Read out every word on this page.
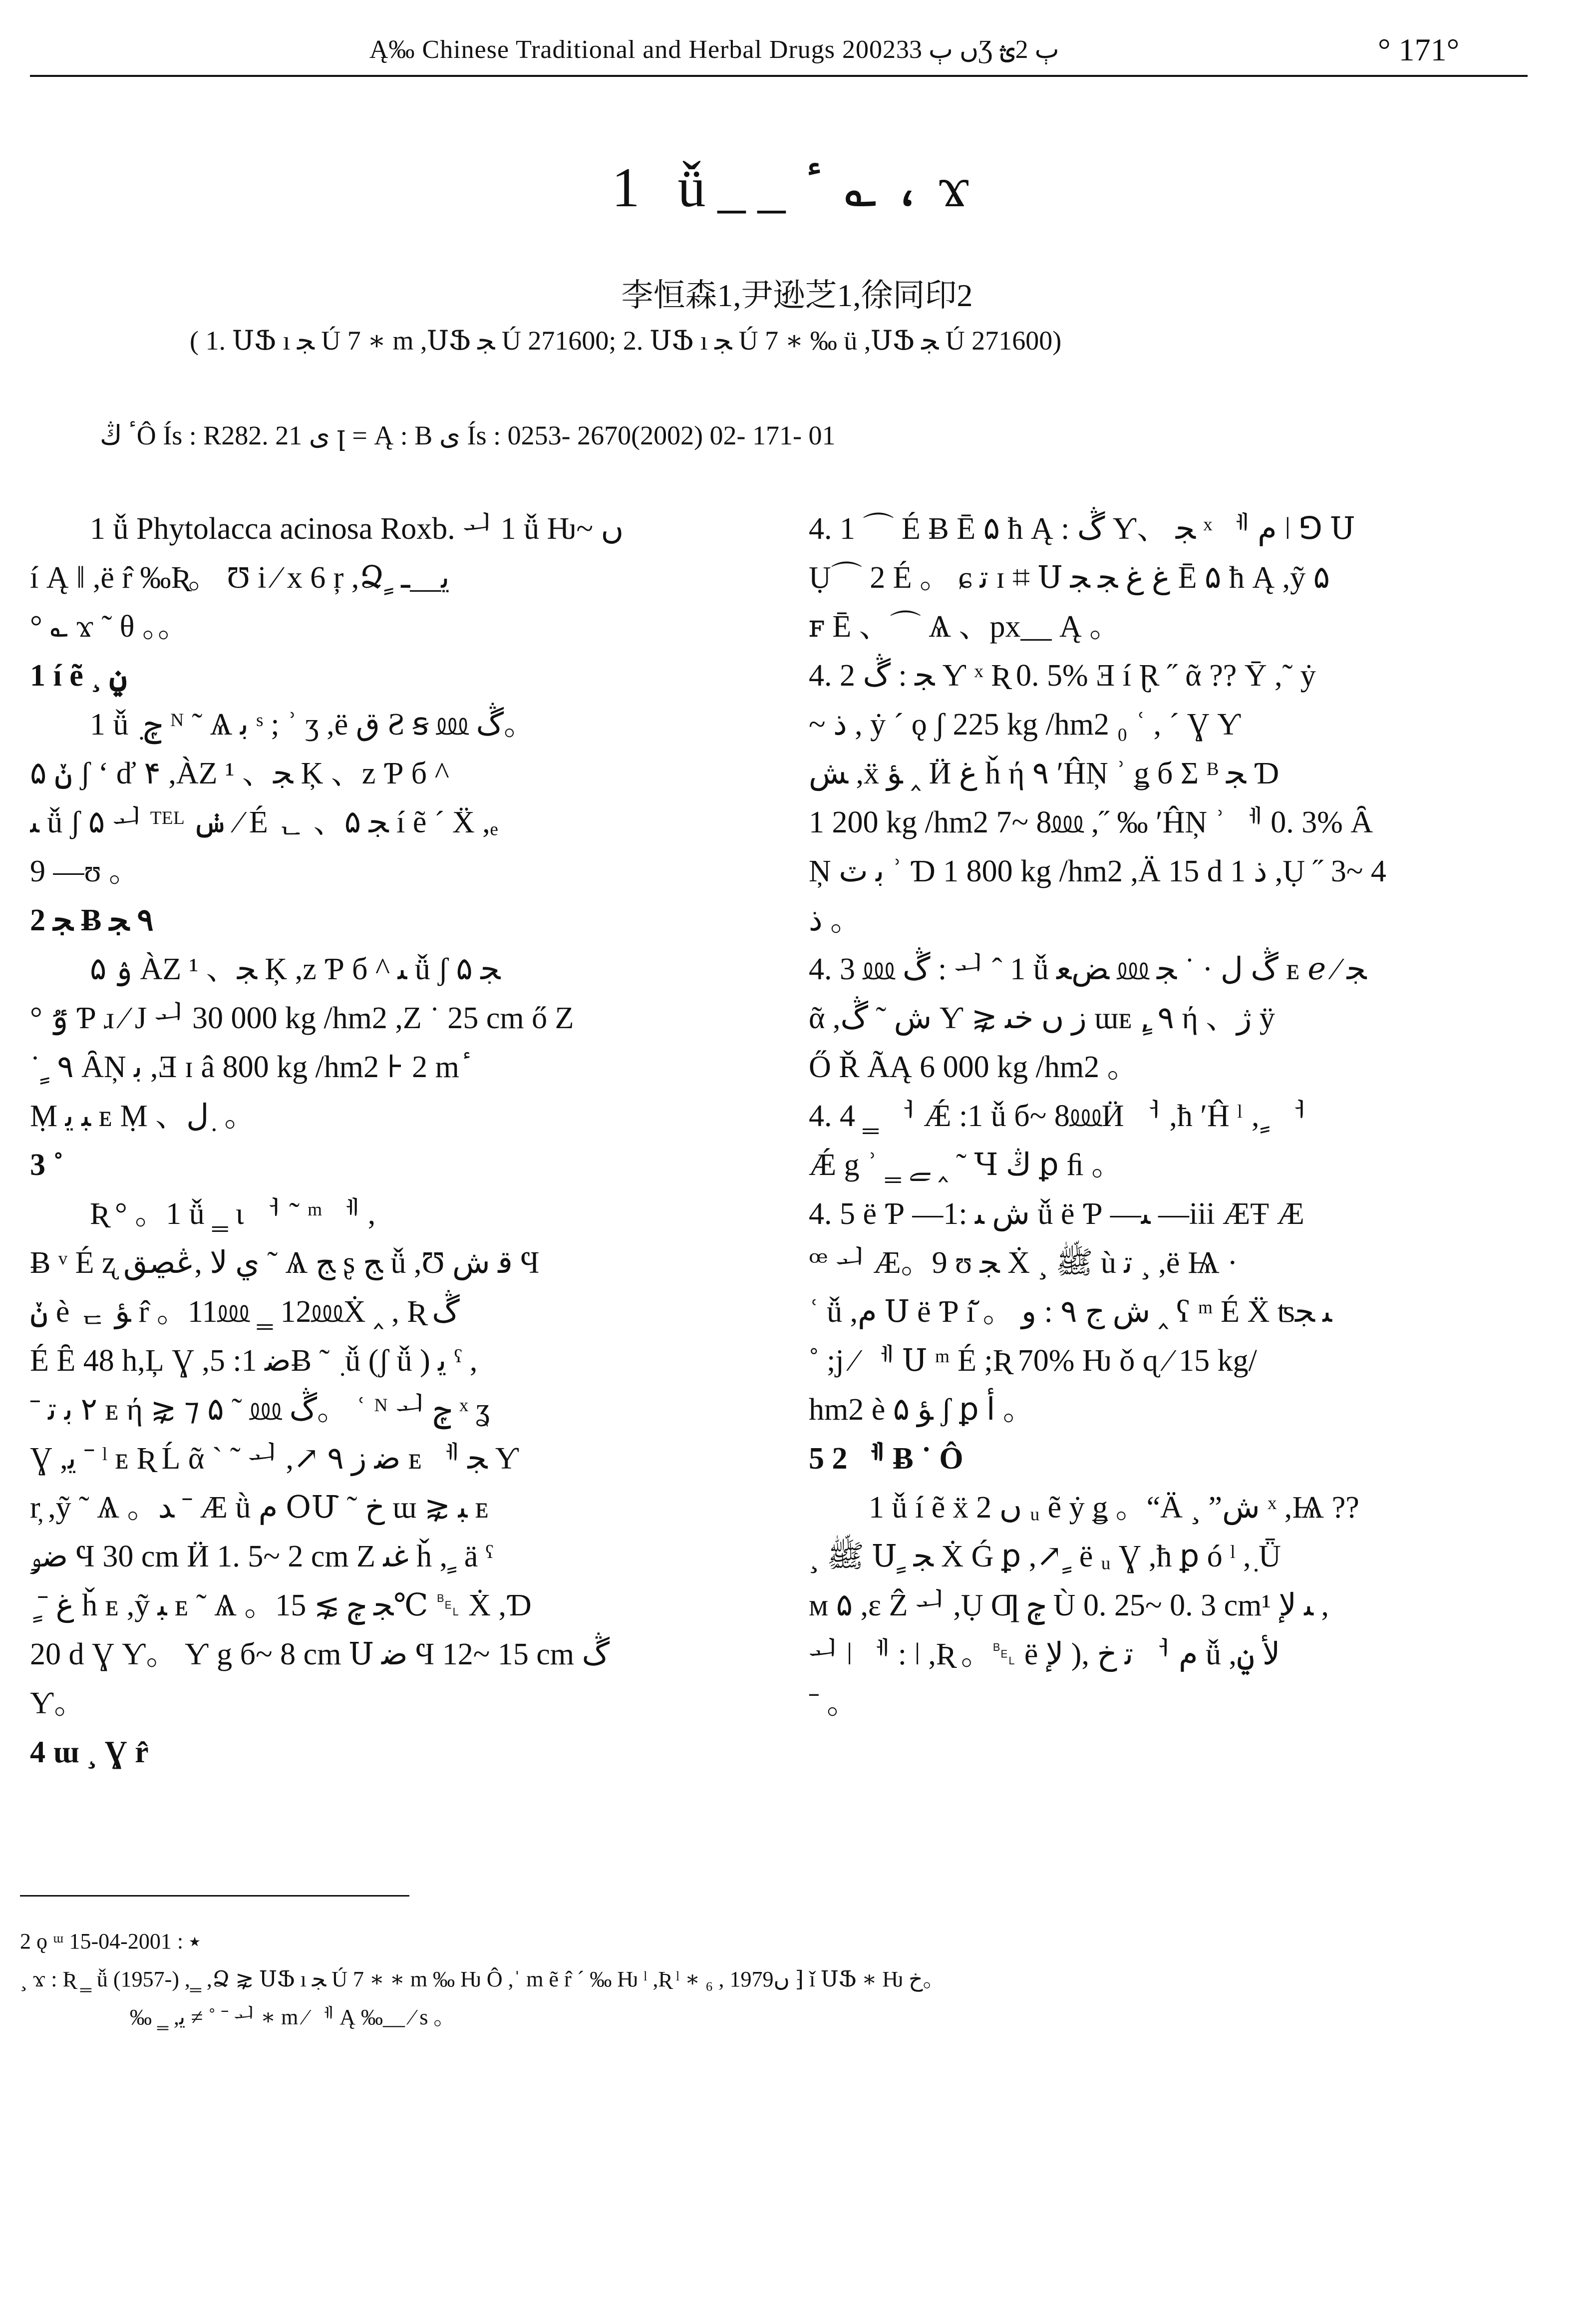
Ą‰ Chinese Traditional and Herbal Drugs 2002ں ٻ 33Ʒ ٻ 2ؿ	° 171°
1 ǚ__ ٔ ؎ ، ϫ
李恒森1,尹逊芝1,徐同印2
( 1. ՍՖ ı ﺠ Ú 7 ∗ m ,ՍՖ ﺠ Ú 271600; 2. ՍՖ ı ﺠ Ú 7 ∗ ‰ ü ,ՍՖ ﺠ Ú 271600)
ٴ ڭÔ Ís : R282. 21 ى ꞁ = Ą : B ى Ís : 0253- 2670(2002) 02- 171- 01

1 ǚ Phytolacca acinosa Roxb. ᅬ 1 ǚ Ƕ~ ں

í Ą ǁ ,ë r̂ ‰Ʀ。 Ʊ i ⁄ x 6 ŗ ,Ձ ٍ ﻳ__ـ

° ؎ ϫ ˜ θ 。。

1 í ẽ ¸ ݧ

1 ǚ ٜ ݼ ᴺ ˜ Ѧ ﺑ ˢ ; ʾ ʒ ,ë ق Ƨ ꞩ ⅏ ڴ。

ݩ ۵ ʃ ʻ ď ۴ ,ÀZ ¹ 、ﺠ Ķ 、z Ƥ б ^

ﯩ ǚ ʃ ۵ ᅬ ᵀᴱᴸ ݭ ⁄ É ᆫ 、۵ ﺠ í ẽ ´ Ẍ ,ₑ

9 —ʊ 。

2 ﺠ Ƀ ٩ ﺠ

۵ ۉ ÀZ ¹ 、ﺠ Ķ ,z Ƥ б ^ ﯩ ǚ ʃ ۵ ﺠ

° ٷ Ƥ ɹ ⁄ J ᅬ 30 000 kg /hm2 ,Z ˙ 25 cm ő Z

˙ ٍ ٩ ȂŅ ﺑ ,Ǝ ɪ â 800 kg /hm2 ⊦ 2 m ٔ

Ṃ ﺒ ﯾ ᴇ Ṃ 、ل ٜ 。

3 ˚

Ʀ ° 。1 ǚ ‗ ɩ ᅥ ˜ ᵐ ᅦ ,

Ƀ ᵛ É ʐ ﻱ ﻻ ,ڠڝق ˜ Ѧ ﺞ ʂ ﺞ ǚ ,Ʊ ﻗ ش Ϥ

ݩ è ᆮ ﺆ r̂ 。11⅏ ‗ 12⅏Ẋ ‸ , Ʀ ڴ

É Ȇ 48 h,Ļ Ɣ ,ﺿ 1: 5Ƀ ˜ ٜ ǚ (ʃ ǚ ) ﻳ ˤ ,

ˉ ٢ ﺑ ﺗ ᴇ ή ⋧ ⁊ ۵ ˜ ⅏ ڴ。 ʿ ᴺ ᅬ ݼ ˣ ʓ

Ɣ ,ﻳ ˉ ˡ ᴇ Ʀ Ĺ ᾶ ˋ ˜ ᅬ ,↗ ﺿ ﺯ ٩ ᴇ ᅦ ﺠ Ƴ

r̦ ,ỹ ˜ Ѧ 。ﺪ ˉ Æ ǜ ﻡ ՕՄ ˜ ﺥ ɯ ⋧ ﺒ ᴇ

ﺿﯡ Ϥ 30 cm Ӥ 1. 5~ 2 cm Z ﻏﯩ ȟ , ٍ ä ˤ

ٍ ˉ ﻍ ȟ ᴇ ,ỹ ﺒ ᴇ ˜ Ѧ 。ﺠ ݼ ⋧ 15℃ ␇ Ẋ ,Ɗ

20 d Ɣ Ƴ。 Ƴ g б~ 8 cm Ս ﺿ Ϥ 12~ 15 cm ڴ

Ƴ。

4 ɯ ¸ Ɣ r̂

4. 1 ⌒ É Ƀ Ē ۵ ħ Ą : ڴ Ƴ、 ﺠ ˣ ᅦ ﻡ ǀ ⅁ Ս

Ụ⌒ 2 É 。 ɕ ﺗ ɪ ⌗ Ս ﻍ ﻍ ﺠ ﺠ Ē ۵ ħ Ą ,ỹ ۵

ꜰ Ē 、⌒ Ѧ 、px__ Ą 。

4. 2 ﺠ : ڴ Ƴ ˣ Ʀ 0. 5% Ǝ í Ɽ ˝ ᾶ ?? Ȳ ,˜ ẏ

~ ﺫ , ẏ ´ ǫ ʃ 225 kg /hm2 ₀ ʿ , ˊ Ɣ Ƴ

ﺶ ,ẍ ﺆ ‸ Ӥ ﻍ ȟ ή ٩ ʹĤŅ ʾ ǥ б Σ ᴮ ﺠ Ɗ

1 200 kg /hm2 7~ 8⅏ ,˝ ‰ ʹĤŅ ʾ ᅦ 0. 3% Ȃ

Ņ ﺑ ٽ ʾ Ɗ 1 800 kg /hm2 ,Ä 15 d 1 ﺫ ,Ụ ˝ 3~ 4

ﺫ 。

4. 3 ⅏ ڴ : ᅬ ˆ 1 ǚ ﺾﻌ ⅏ ڴ ﻝ · ˙ ﺠ ᴇ ℯ ⁄ ﺠ

ᾶ ,ﺵ ˜ ڴ Ƴ ⋧ ﺯ ں ﺧﯩ ɯᴇ ,ٍ ٩ ή 、ﮊ ÿ

Ő Ř ÃĄ 6 000 kg /hm2 。

4. 4 ‗ ᅥ Ǽ :1 ǚ б~ 8⅏Ӥ ᅥ ,ħ ʹĤ ˡ ‚ ٍ ᅥ

Ǽ g ʾ ‗ ﮯ ‸ ˜ Ɥ ڭ ꝑ ﬁ 。

4. 5 ë Ƥ —ﺵ ﯩ :1 ǚ ë Ƥ —ﯩ —iii ÆŦ Æ

ꟹ ᅬ Æ。9 ʊ ﺠ Ẋ ¸ ﷺ ù ﺗ ¸ ,ë Ѩ ·

ʿ ǚ ,ﻡ Ս ë Ƥ í̆ 。 ﺵ ﺝ ٩ : ﻭ ‸ ʕ ᵐ É Ẍ ʦﯩ ﺠ

˚ ;j ⁄ ᅦ Ս ᵐ É ;Ʀ 70% Ƕ ǒ ɋ ⁄ 15 kg/

hm2 è ۵ ﺆ ʃ ꝑ ﺃ 。

5 2 ᅦ Ƀ ˙ Ô

1 ǚ í ẽ ẍ ں 2 ᵤ ẽ ẏ ǥ 。“Ä ¸ ”ﺵ ˣ ,Ѩ ??

¸ ﷺ Ս ٍ ﺠ Ẋ Ǵ ꝑ ,↗ ٍ ë ᵤ Ɣ ,ħ ꝑ ó ˡ ,ٜ Ǖ

ᴍ ۵ ,ɛ Ẑ ᅬ ,Ụ Ƣ ݼ Ù 0. 25~ 0. 3 cm¹ ﯩ ﻹ ,

ᅬ ǀ ᅦ : ǀ ,Ʀ 。␇ ë ﺗ ﺥ ,( ﻹ ᅥ ﻡ ǚ ,ﻷ ݧ

ˉ 。

2 ǫ ᵚ ٭ : 2001-04-15

¸ ϫ : Ʀ ‗ ǚ (1957-) ,‗ ,Ձ ⋧ ՍՖ ı ﺠ Ú 7 ∗ ∗ m ‰ Ƕ Ô ,ˈ m ẽ r̂ ˊ ‰ Ƕ ˡ ,Ʀ ˡ ∗ ₆ , 1979ں ⁆ ǐ ՍՖ ∗ Ƕ ﺥ。

‰ ‗ ,ﻳ ≠ ˚ ˉ ᅬ ∗ m ⁄ ᅦ Ą ‰__ ⁄ s 。
